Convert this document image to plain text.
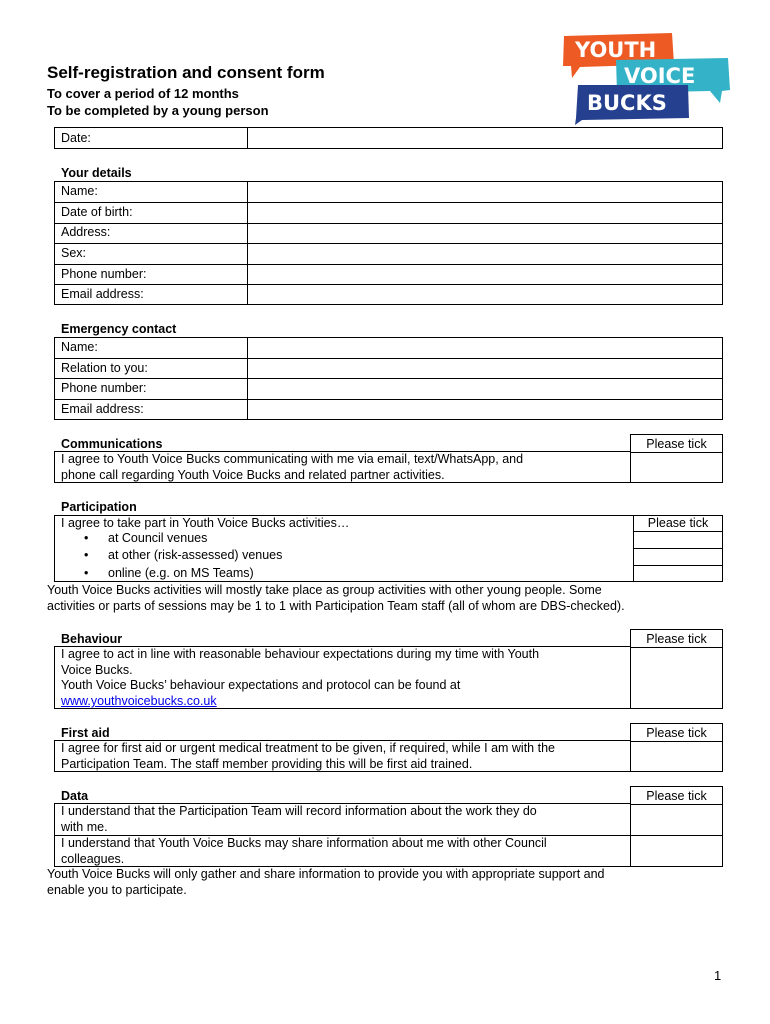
Self-registration and consent form
To cover a period of 12 months
To be completed by a young person
YOUTH
VOICE
BUCKS
Date:
Your details
Name:
Date of birth:
Address:
Sex:
Phone number:
Email address:
Emergency contact
Name:
Relation to you:
Phone number:
Email address:
Communications	Please tick
I agree to Youth Voice Bucks communicating with me via email, text/WhatsApp, and
phone call regarding Youth Voice Bucks and related partner activities.
Participation
I agree to take part in Youth Voice Bucks activities…	Please tick
• at Council venues
• at other (risk-assessed) venues
• online (e.g. on MS Teams)
Youth Voice Bucks activities will mostly take place as group activities with other young people. Some
activities or parts of sessions may be 1 to 1 with Participation Team staff (all of whom are DBS-checked).
Behaviour	Please tick
I agree to act in line with reasonable behaviour expectations during my time with Youth
Voice Bucks.
Youth Voice Bucks’ behaviour expectations and protocol can be found at
www.youthvoicebucks.co.uk
First aid	Please tick
I agree for first aid or urgent medical treatment to be given, if required, while I am with the
Participation Team. The staff member providing this will be first aid trained.
Data	Please tick
I understand that the Participation Team will record information about the work they do
with me.
I understand that Youth Voice Bucks may share information about me with other Council
colleagues.
Youth Voice Bucks will only gather and share information to provide you with appropriate support and
enable you to participate.
1
